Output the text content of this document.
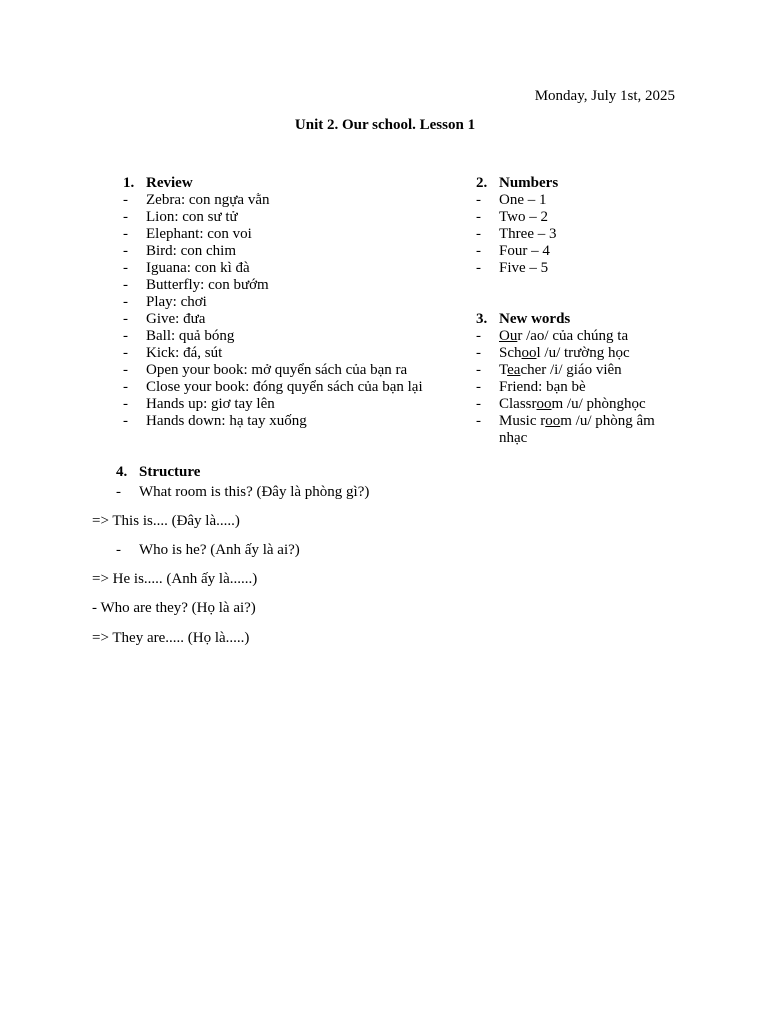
Monday, July 1st, 2025
Unit 2. Our school. Lesson 1
1. Review
- Zebra: con ngựa vằn
- Lion: con sư tử
- Elephant: con voi
- Bird: con chim
- Iguana: con kì đà
- Butterfly: con bướm
- Play: chơi
- Give: đưa
- Ball: quả bóng
- Kick: đá, sút
- Open your book: mở quyển sách của bạn ra
- Close your book: đóng quyển sách của bạn lại
- Hands up: giơ tay lên
- Hands down: hạ tay xuống
2. Numbers
- One – 1
- Two – 2
- Three – 3
- Four – 4
- Five – 5
3. New words
- Our /ao/ của chúng ta
- School /u/ trường học
- Teacher /i/ giáo viên
- Friend: bạn bè
- Classroom /u/ phònghọc
- Music room /u/ phòng âm nhạc
4. Structure
- What room is this? (Đây là phòng gì?)
=> This is.... (Đây là.....)
- Who is he? (Anh ấy là ai?)
=> He is..... (Anh ấy là......)
- Who are they? (Họ là ai?)
=> They are..... (Họ là.....)
